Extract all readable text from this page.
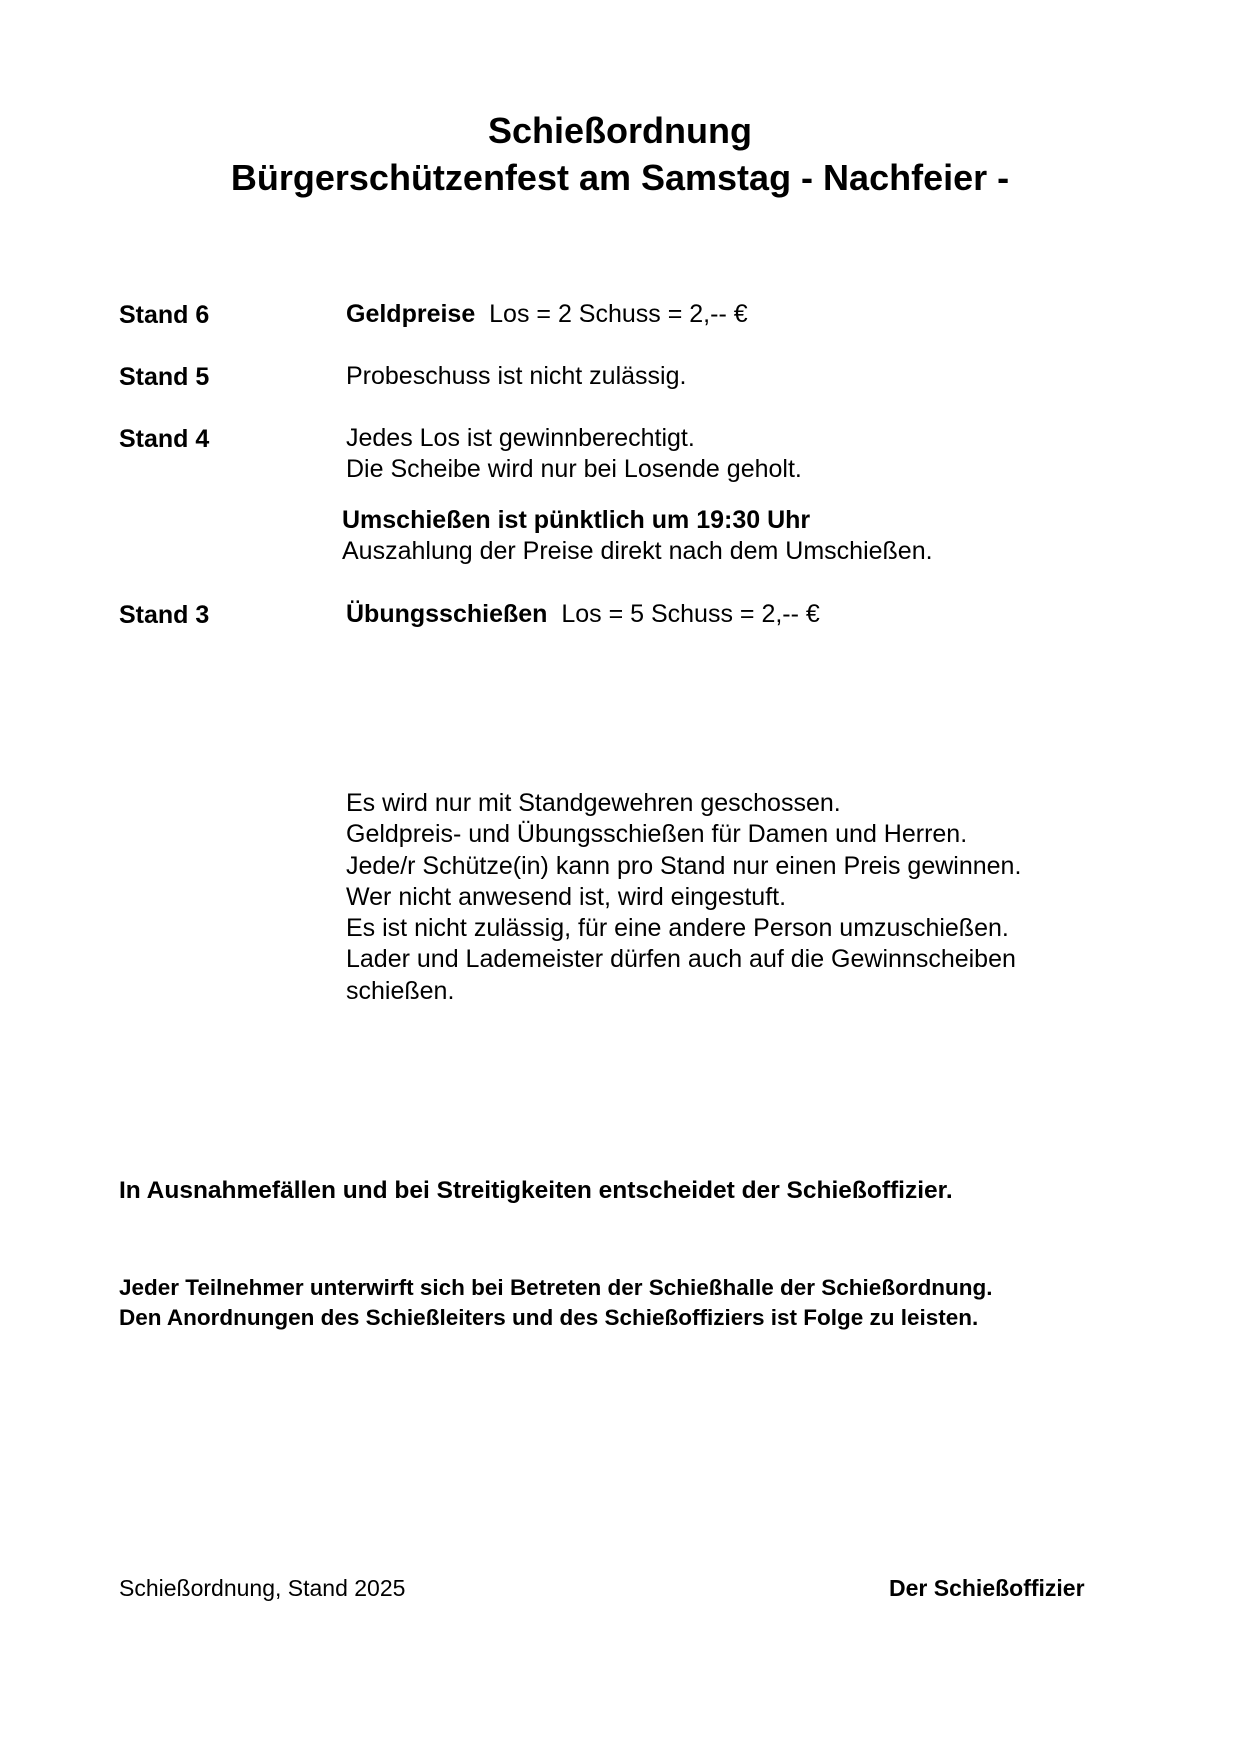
Schießordnung
Bürgerschützenfest am Samstag - Nachfeier -
Stand 6	Geldpreise Los = 2 Schuss = 2,-- €
Stand 5	Probeschuss ist nicht zulässig.
Stand 4	Jedes Los ist gewinnberechtigt.
Die Scheibe wird nur bei Losende geholt.
Umschießen ist pünktlich um 19:30 Uhr
Auszahlung der Preise direkt nach dem Umschießen.
Stand 3	Übungsschießen Los = 5 Schuss = 2,-- €
Es wird nur mit Standgewehren geschossen.
Geldpreis- und Übungsschießen für Damen und Herren.
Jede/r Schütze(in) kann pro Stand nur einen Preis gewinnen.
Wer nicht anwesend ist, wird eingestuft.
Es ist nicht zulässig, für eine andere Person umzuschießen.
Lader und Lademeister dürfen auch auf die Gewinnscheiben
schießen.
In Ausnahmefällen und bei Streitigkeiten entscheidet der Schießoffizier.
Jeder Teilnehmer unterwirft sich bei Betreten der Schießhalle der Schießordnung.
Den Anordnungen des Schießleiters und des Schießoffiziers ist Folge zu leisten.
Schießordnung, Stand 2025	Der Schießoffizier
